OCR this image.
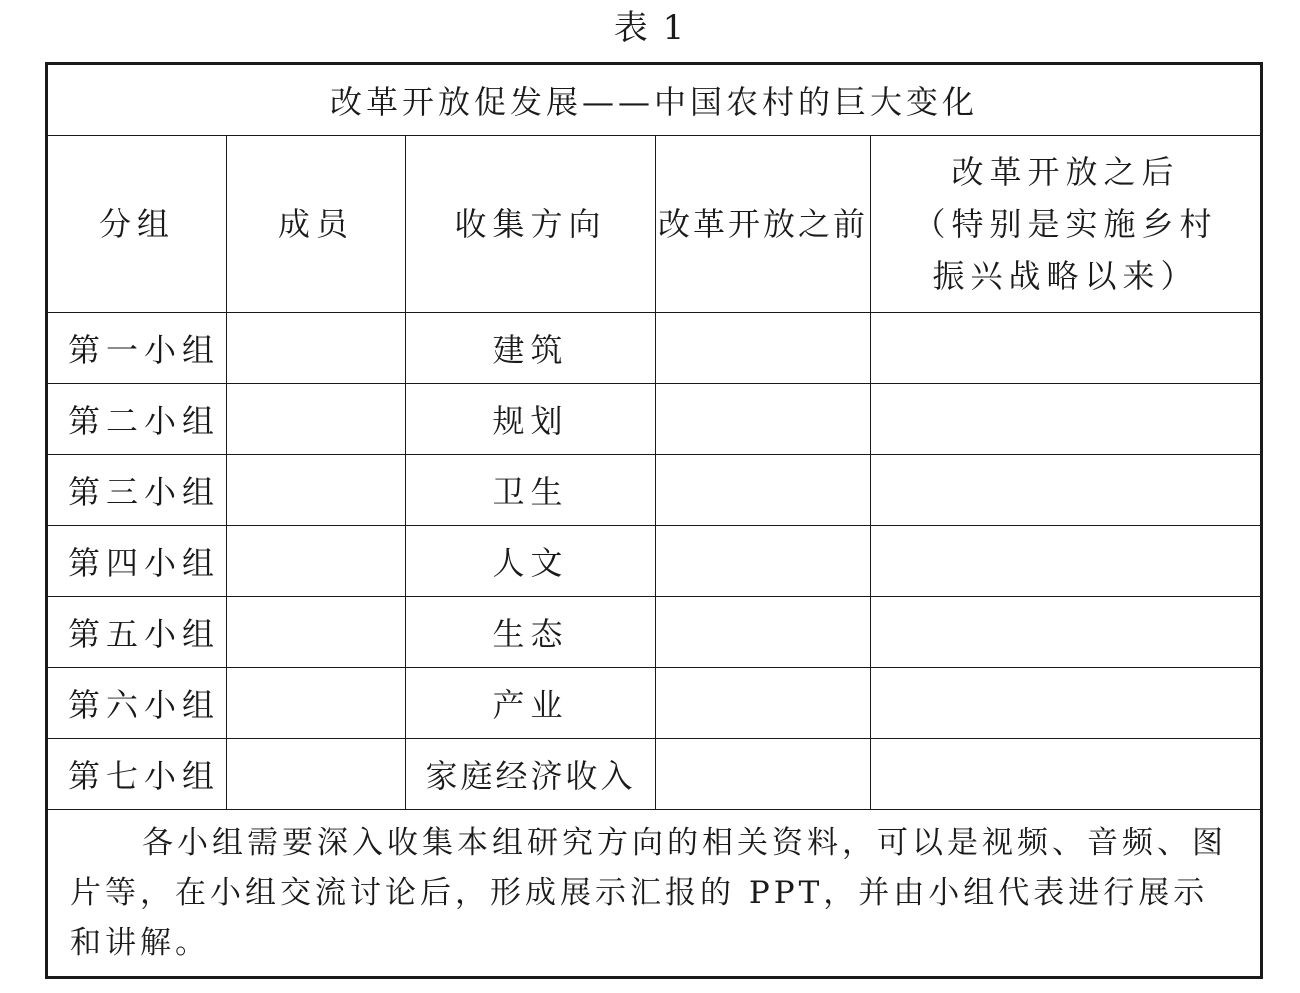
表 1
改革开放促发展——中国农村的巨大变化				
分组	成员	收集方向	改革开放之前	改革开放之后
（特别是实施乡村
振兴战略以来）

第一小组		建筑		
第二小组		规划		
第三小组		卫生		
第四小组		人文		
第五小组		生态		
第六小组		产业		
第七小组		家庭经济收入		
各小组需要深入收集本组研究方向的相关资料，可以是视频、音频、图片等，在小组交流讨论后，形成展示汇报的 PPT，并由小组代表进行展示和讲解。				
